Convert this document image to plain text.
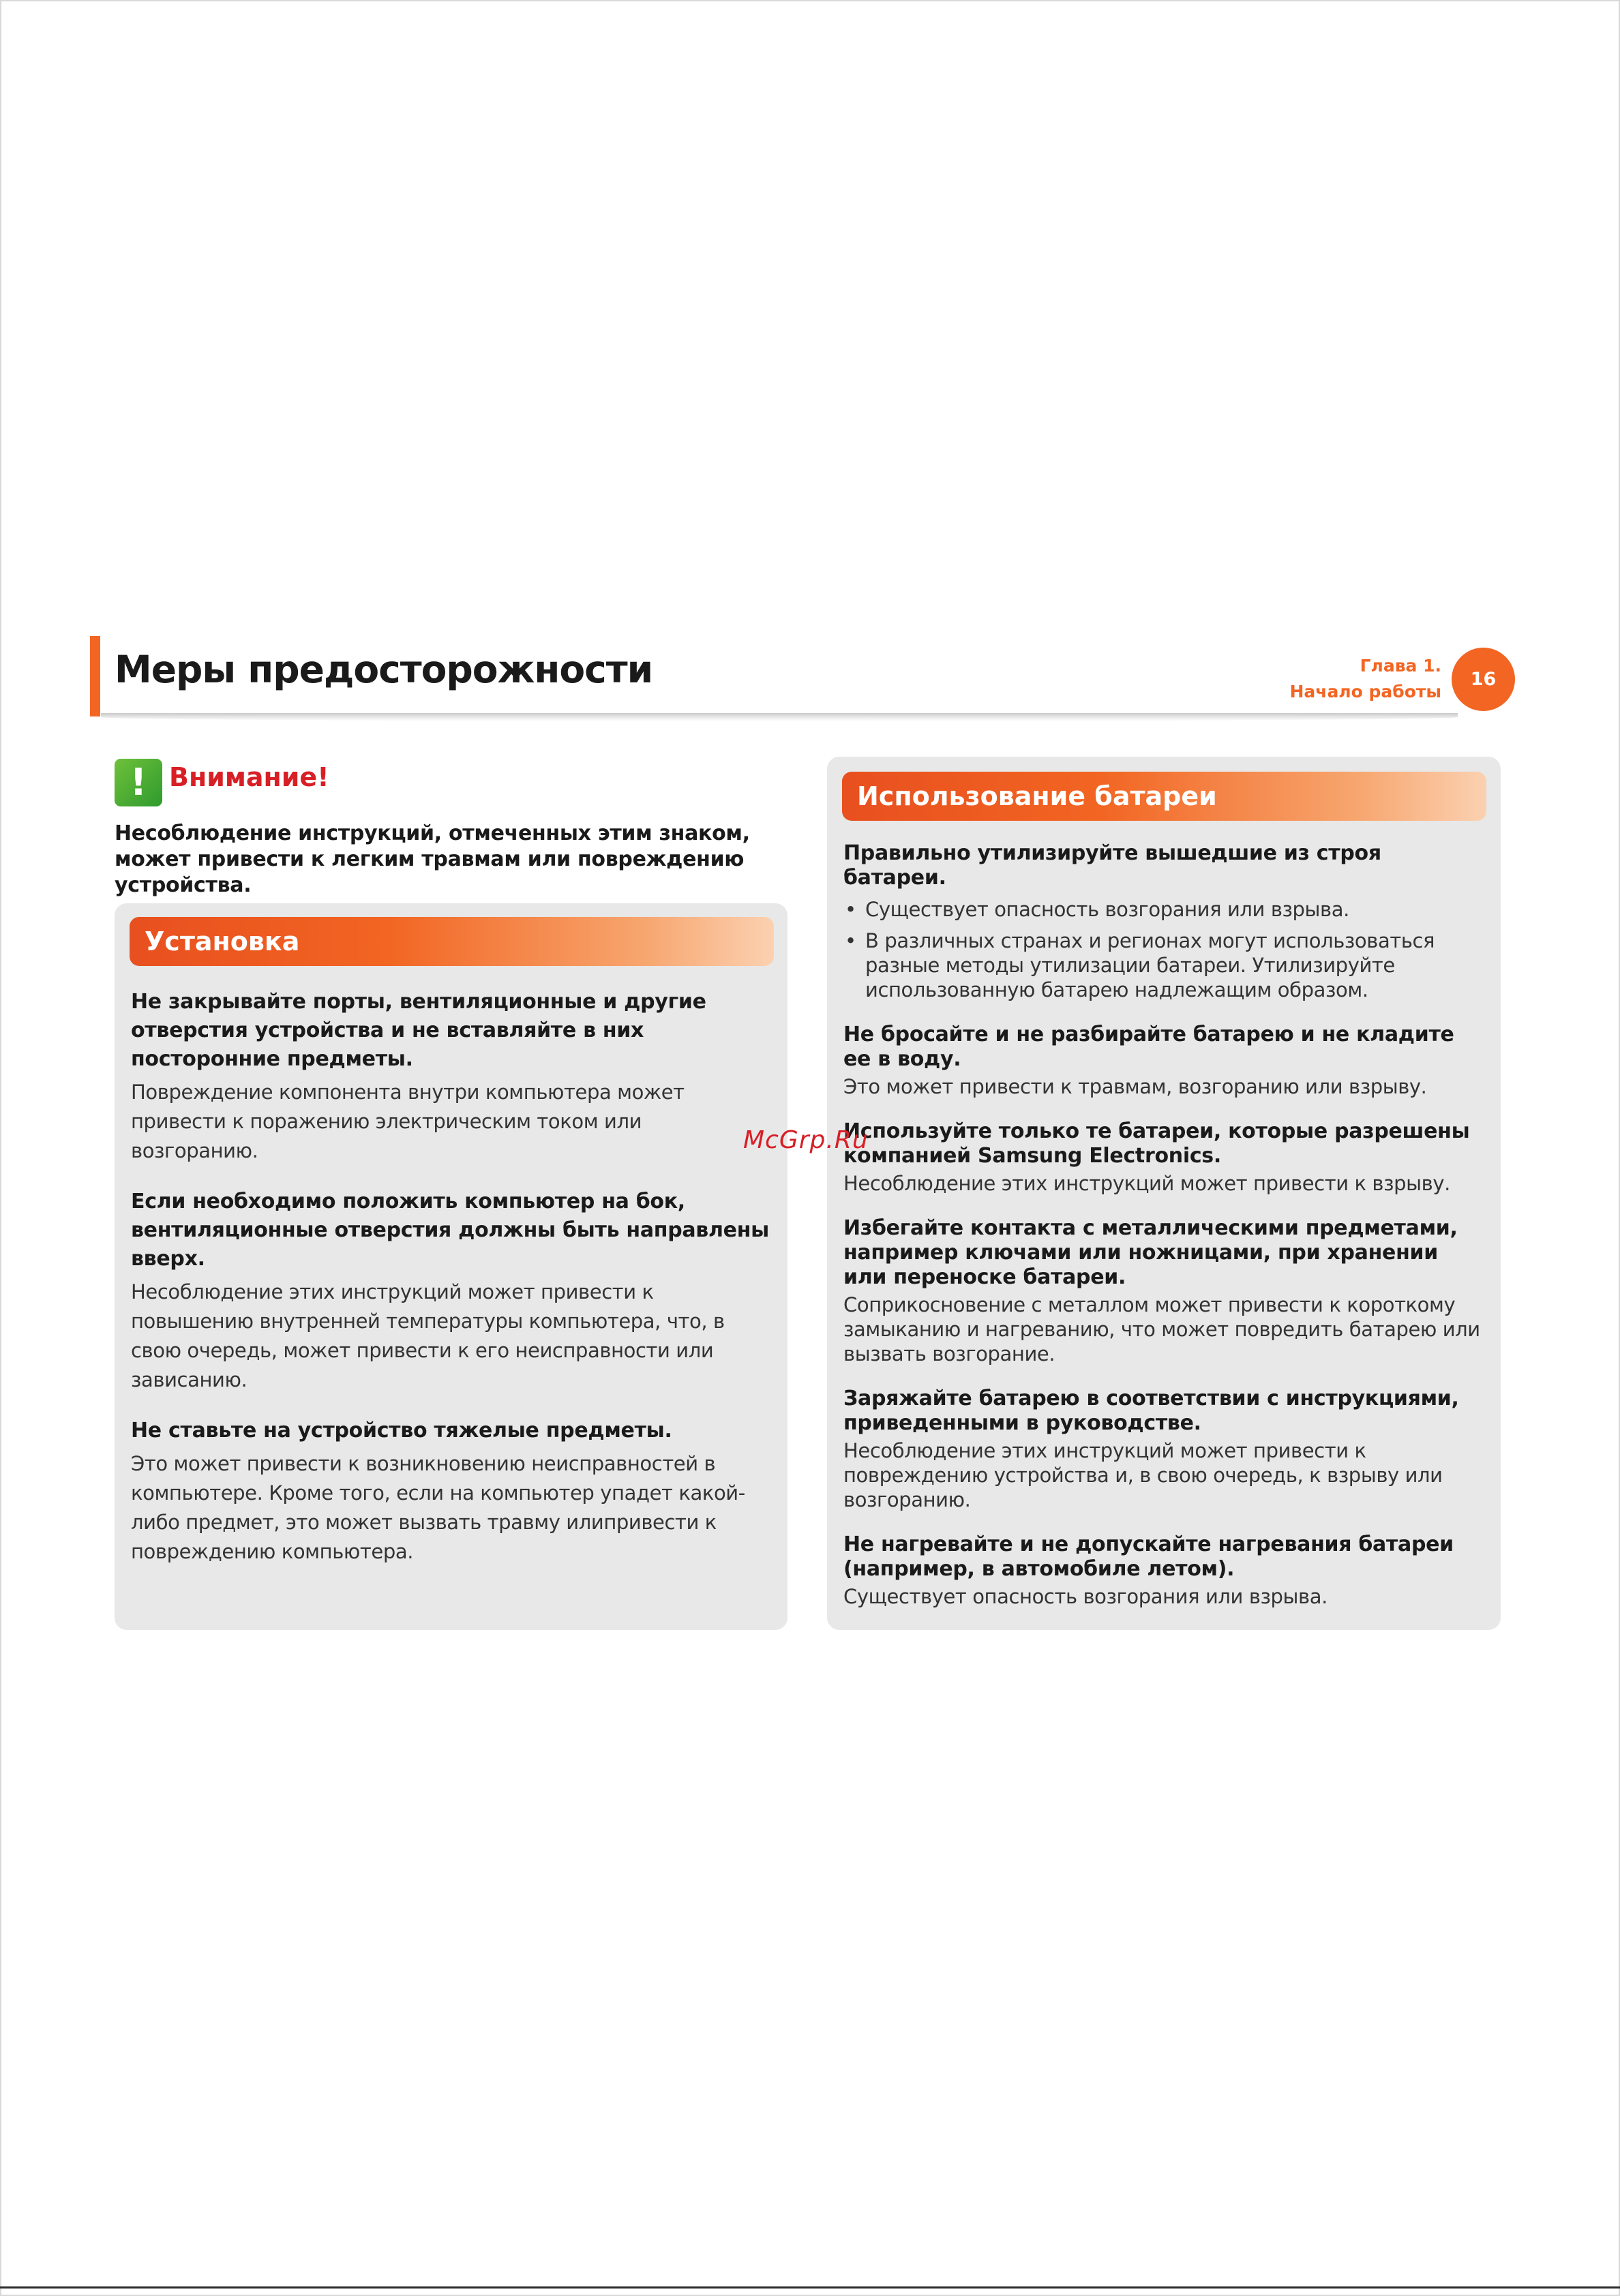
Меры предосторожности	Глава 1.
Начало работы
16
! Внимание!
Несоблюдение инструкций, отмеченных этим знаком, может привести к легким травмам или повреждению устройства.
Установка

Не закрывайте порты, вентиляционные и другие отверстия устройства и не вставляйте в них посторонние предметы.

Повреждение компонента внутри компьютера может привести к поражению электрическим током или возгоранию.

Если необходимо положить компьютер на бок, вентиляционные отверстия должны быть направлены вверх.

Несоблюдение этих инструкций может привести к повышению внутренней температуры компьютера, что, в свою очередь, может привести к его неисправности или зависанию.

Не ставьте на устройство тяжелые предметы.

Это может привести к возникновению неисправностей в компьютере. Кроме того, если на компьютер упадет какой-либо предмет, это может вызвать травму илипривести к повреждению компьютера.

Использование батареи

Правильно утилизируйте вышедшие из строя батареи.

• Существует опасность возгорания или взрыва.
• В различных странах и регионах могут использоваться разные методы утилизации батареи. Утилизируйте использованную батарею надлежащим образом.

Не бросайте и не разбирайте батарею и не кладите ее в воду.

Это может привести к травмам, возгоранию или взрыву.

Используйте только те батареи, которые разрешены компанией Samsung Electronics.

Несоблюдение этих инструкций может привести к взрыву.

Избегайте контакта с металлическими предметами, например ключами или ножницами, при хранении или переноске батареи.

Соприкосновение с металлом может привести к короткому замыканию и нагреванию, что может повредить батарею или вызвать возгорание.

Заряжайте батарею в соответствии с инструкциями, приведенными в руководстве.

Несоблюдение этих инструкций может привести к повреждению устройства и, в свою очередь, к взрыву или возгоранию.

Не нагревайте и не допускайте нагревания батареи (например, в автомобиле летом).

Существует опасность возгорания или взрыва.

McGrp.Ru
